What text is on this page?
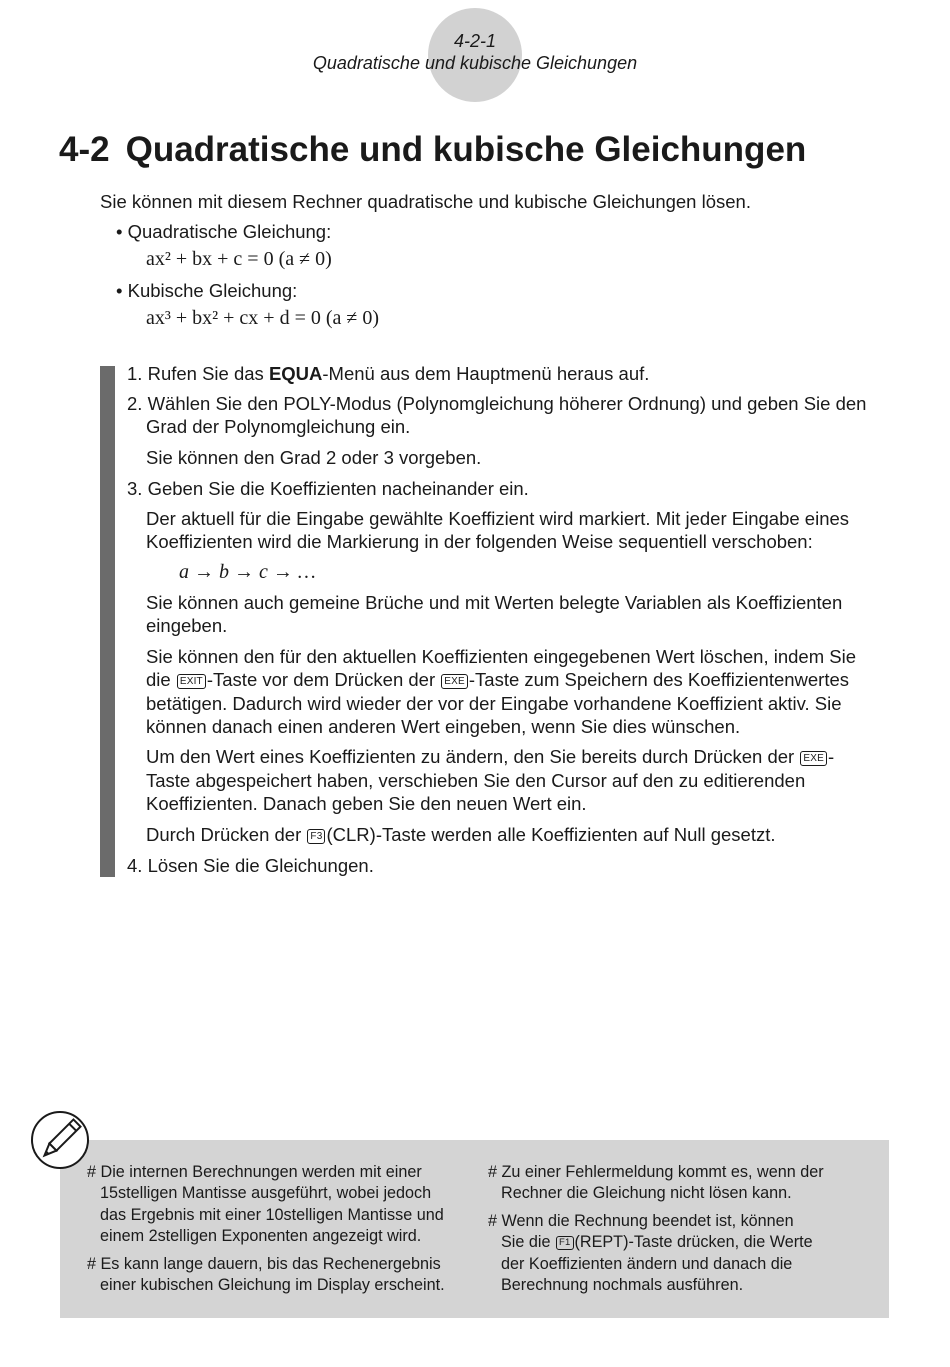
4-2-1
Quadratische und kubische Gleichungen
4-2 Quadratische und kubische Gleichungen

Sie können mit diesem Rechner quadratische und kubische Gleichungen lösen.

• Quadratische Gleichung:

ax² + bx + c = 0 (a ≠ 0)

• Kubische Gleichung:

ax³ + bx² + cx + d = 0 (a ≠ 0)

1. Rufen Sie das EQUA-Menü aus dem Hauptmenü heraus auf.

2. Wählen Sie den POLY-Modus (Polynomgleichung höherer Ordnung) und geben Sie den

Grad der Polynomgleichung ein.

Sie können den Grad 2 oder 3 vorgeben.

3. Geben Sie die Koeffizienten nacheinander ein.

Der aktuell für die Eingabe gewählte Koeffizient wird markiert. Mit jeder Eingabe eines

Koeffizienten wird die Markierung in der folgenden Weise sequentiell verschoben:

a → b → c → …

Sie können auch gemeine Brüche und mit Werten belegte Variablen als Koeffizienten

eingeben.

Sie können den für den aktuellen Koeffizienten eingegebenen Wert löschen, indem Sie

die EXIT -Taste vor dem Drücken der EXE -Taste zum Speichern des Koeffizientenwertes

betätigen. Dadurch wird wieder der vor der Eingabe vorhandene Koeffizient aktiv. Sie

können danach einen anderen Wert eingeben, wenn Sie dies wünschen.

Um den Wert eines Koeffizienten zu ändern, den Sie bereits durch Drücken der EXE -

Taste abgespeichert haben, verschieben Sie den Cursor auf den zu editierenden

Koeffizienten. Danach geben Sie den neuen Wert ein.

Durch Drücken der F3 (CLR)-Taste werden alle Koeffizienten auf Null gesetzt.

4. Lösen Sie die Gleichungen.

# Die internen Berechnungen werden mit einer

15stelligen Mantisse ausgeführt, wobei jedoch

das Ergebnis mit einer 10stelligen Mantisse und

einem 2stelligen Exponenten angezeigt wird.

# Es kann lange dauern, bis das Rechenergebnis

einer kubischen Gleichung im Display erscheint.

# Zu einer Fehlermeldung kommt es, wenn der

Rechner die Gleichung nicht lösen kann.

# Wenn die Rechnung beendet ist, können

Sie die F1 (REPT)-Taste drücken, die Werte

der Koeffizienten ändern und danach die

Berechnung nochmals ausführen.
